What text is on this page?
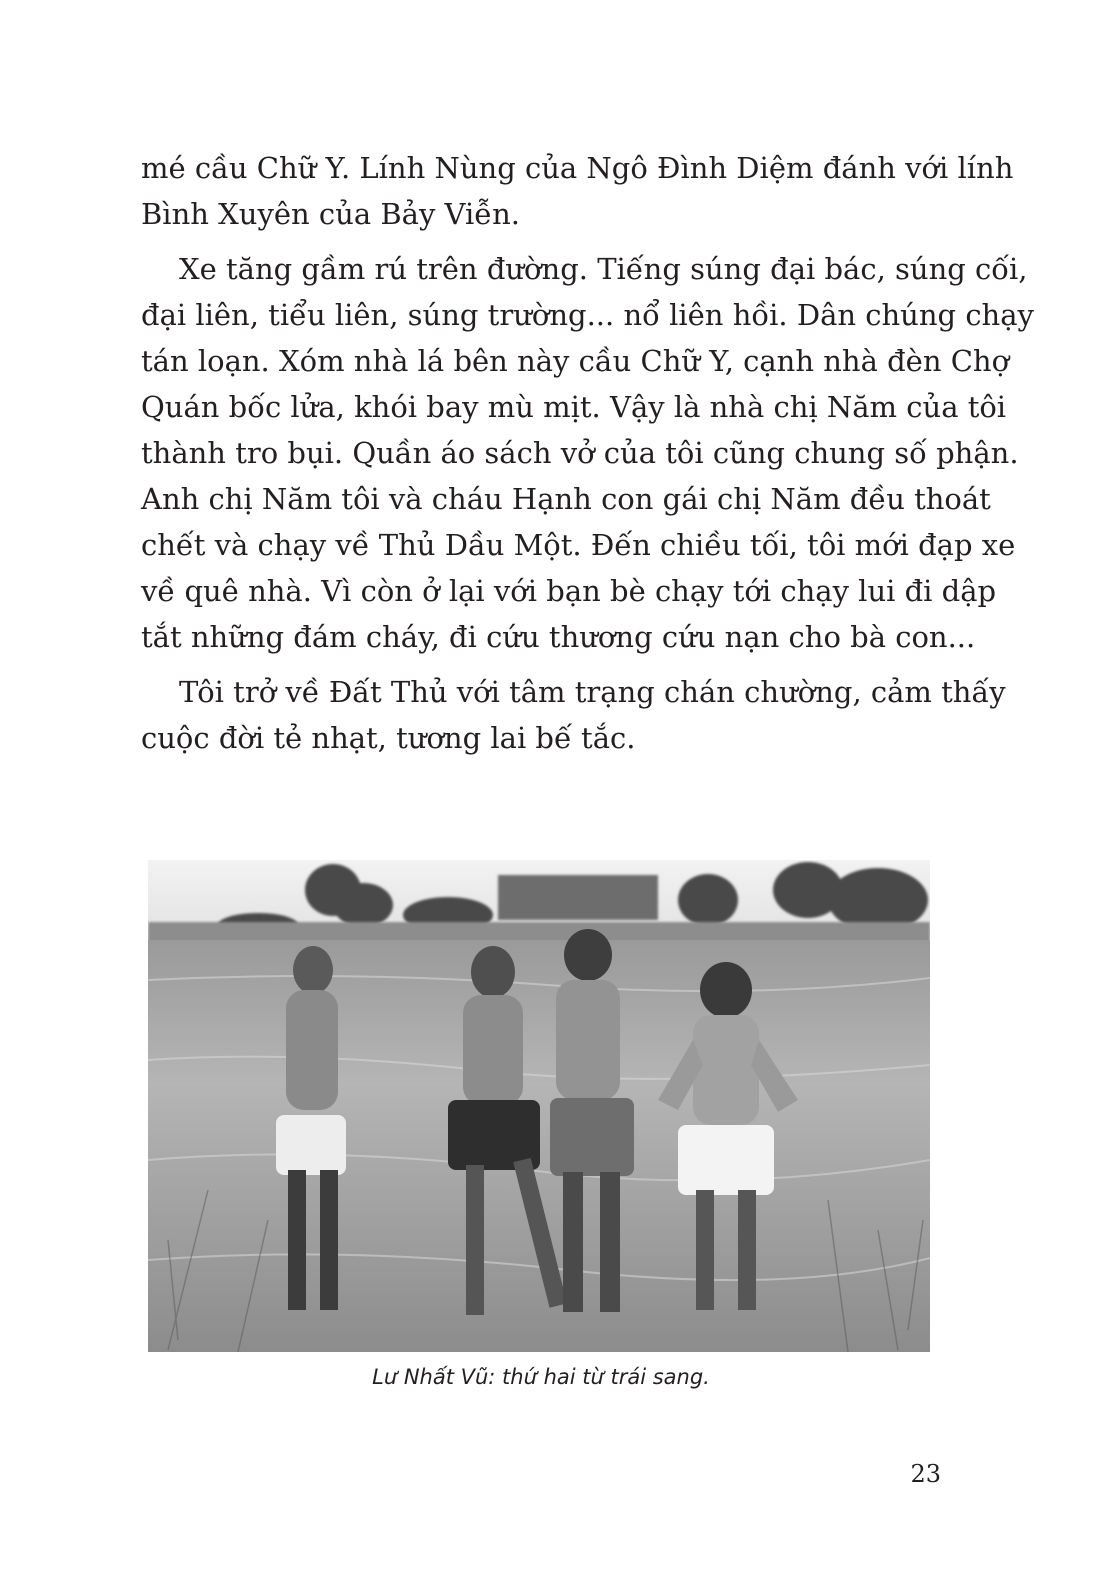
mé cầu Chữ Y. Lính Nùng của Ngô Đình Diệm đánh với lính
Bình Xuyên của Bảy Viễn.
Xe tăng gầm rú trên đường. Tiếng súng đại bác, súng cối,
đại liên, tiểu liên, súng trường... nổ liên hồi. Dân chúng chạy
tán loạn. Xóm nhà lá bên này cầu Chữ Y, cạnh nhà đèn Chợ
Quán bốc lửa, khói bay mù mịt. Vậy là nhà chị Năm của tôi
thành tro bụi. Quần áo sách vở của tôi cũng chung số phận.
Anh chị Năm tôi và cháu Hạnh con gái chị Năm đều thoát
chết và chạy về Thủ Dầu Một. Đến chiều tối, tôi mới đạp xe
về quê nhà. Vì còn ở lại với bạn bè chạy tới chạy lui đi dập
tắt những đám cháy, đi cứu thương cứu nạn cho bà con...
Tôi trở về Đất Thủ với tâm trạng chán chường, cảm thấy
cuộc đời tẻ nhạt, tương lai bế tắc.
Lư Nhất Vũ: thứ hai từ trái sang.
23
